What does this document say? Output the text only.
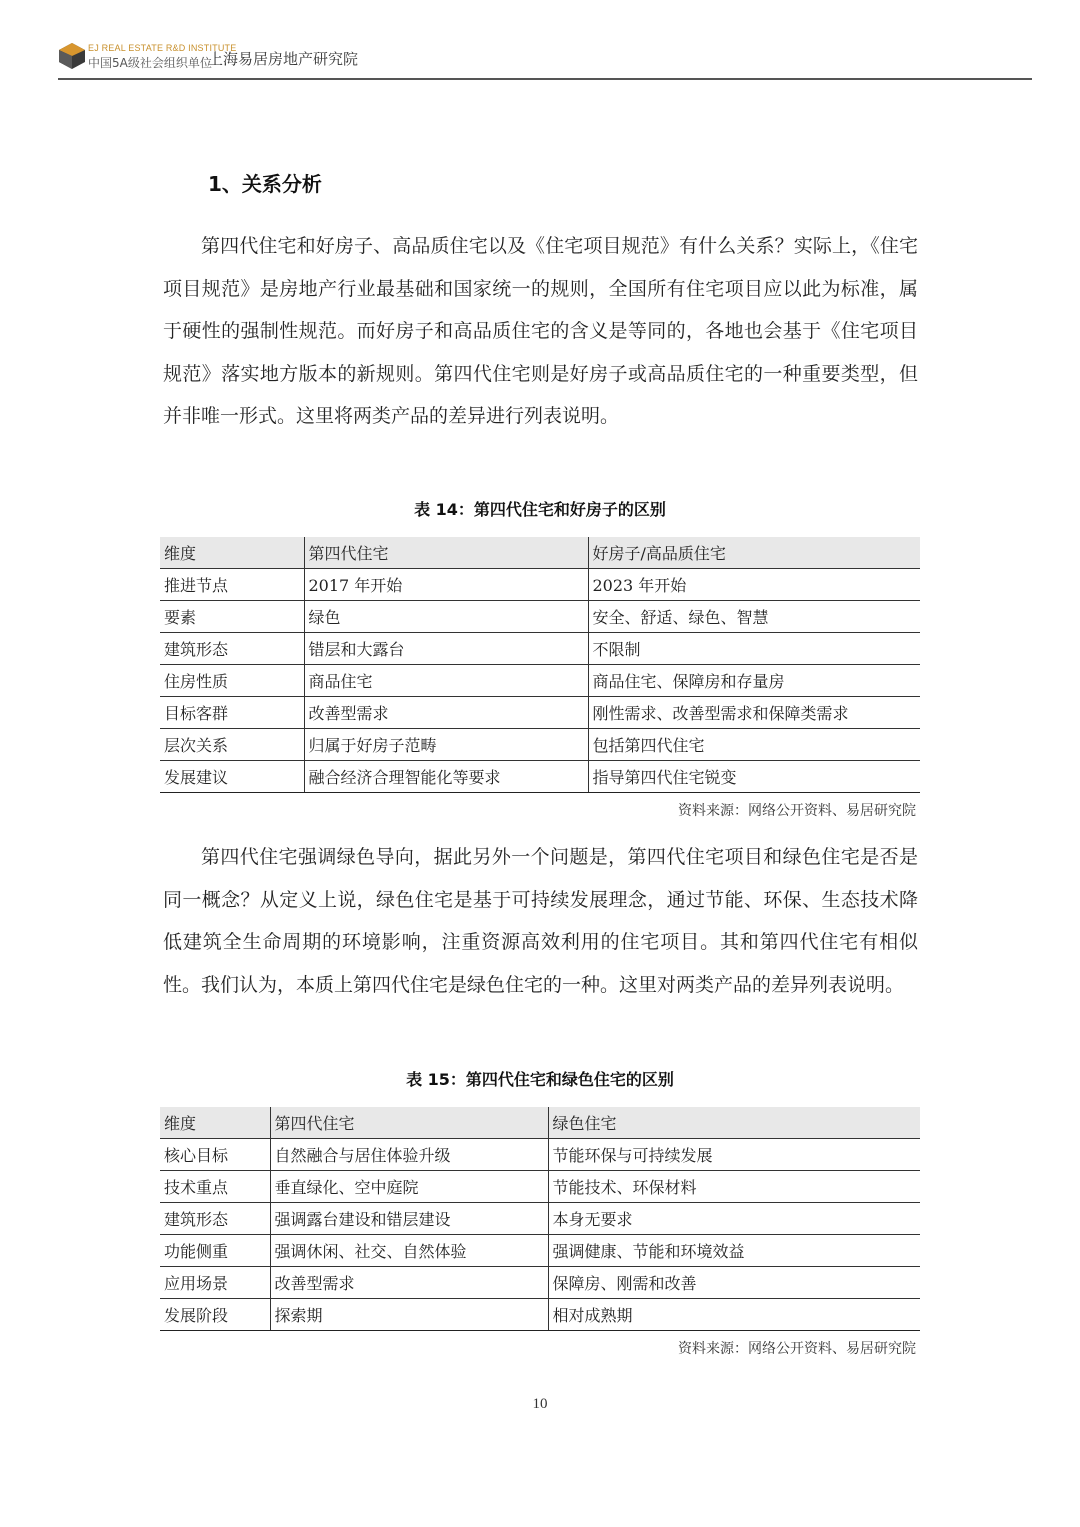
EJ REAL ESTATE R&D INSTITUTE
中国5A级社会组织单位
上海易居房地产研究院
1、关系分析

第四代住宅和好房子、高品质住宅以及《住宅项目规范》有什么关系？实际上，《住宅项目规范》是房地产行业最基础和国家统一的规则，全国所有住宅项目应以此为标准，属于硬性的强制性规范。而好房子和高品质住宅的含义是等同的，各地也会基于《住宅项目规范》落实地方版本的新规则。第四代住宅则是好房子或高品质住宅的一种重要类型，但并非唯一形式。这里将两类产品的差异进行列表说明。

表 14：第四代住宅和好房子的区别
维度	第四代住宅	好房子/高品质住宅
推进节点	2017 年开始	2023 年开始
要素	绿色	安全、舒适、绿色、智慧
建筑形态	错层和大露台	不限制
住房性质	商品住宅	商品住宅、保障房和存量房
目标客群	改善型需求	刚性需求、改善型需求和保障类需求
层次关系	归属于好房子范畴	包括第四代住宅
发展建议	融合经济合理智能化等要求	指导第四代住宅锐变
资料来源：网络公开资料、易居研究院

第四代住宅强调绿色导向，据此另外一个问题是，第四代住宅项目和绿色住宅是否是同一概念？从定义上说，绿色住宅是基于可持续发展理念，通过节能、环保、生态技术降低建筑全生命周期的环境影响，注重资源高效利用的住宅项目。其和第四代住宅有相似性。我们认为，本质上第四代住宅是绿色住宅的一种。这里对两类产品的差异列表说明。

表 15：第四代住宅和绿色住宅的区别
维度	第四代住宅	绿色住宅
核心目标	自然融合与居住体验升级	节能环保与可持续发展
技术重点	垂直绿化、空中庭院	节能技术、环保材料
建筑形态	强调露台建设和错层建设	本身无要求
功能侧重	强调休闲、社交、自然体验	强调健康、节能和环境效益
应用场景	改善型需求	保障房、刚需和改善
发展阶段	探索期	相对成熟期
资料来源：网络公开资料、易居研究院
10
